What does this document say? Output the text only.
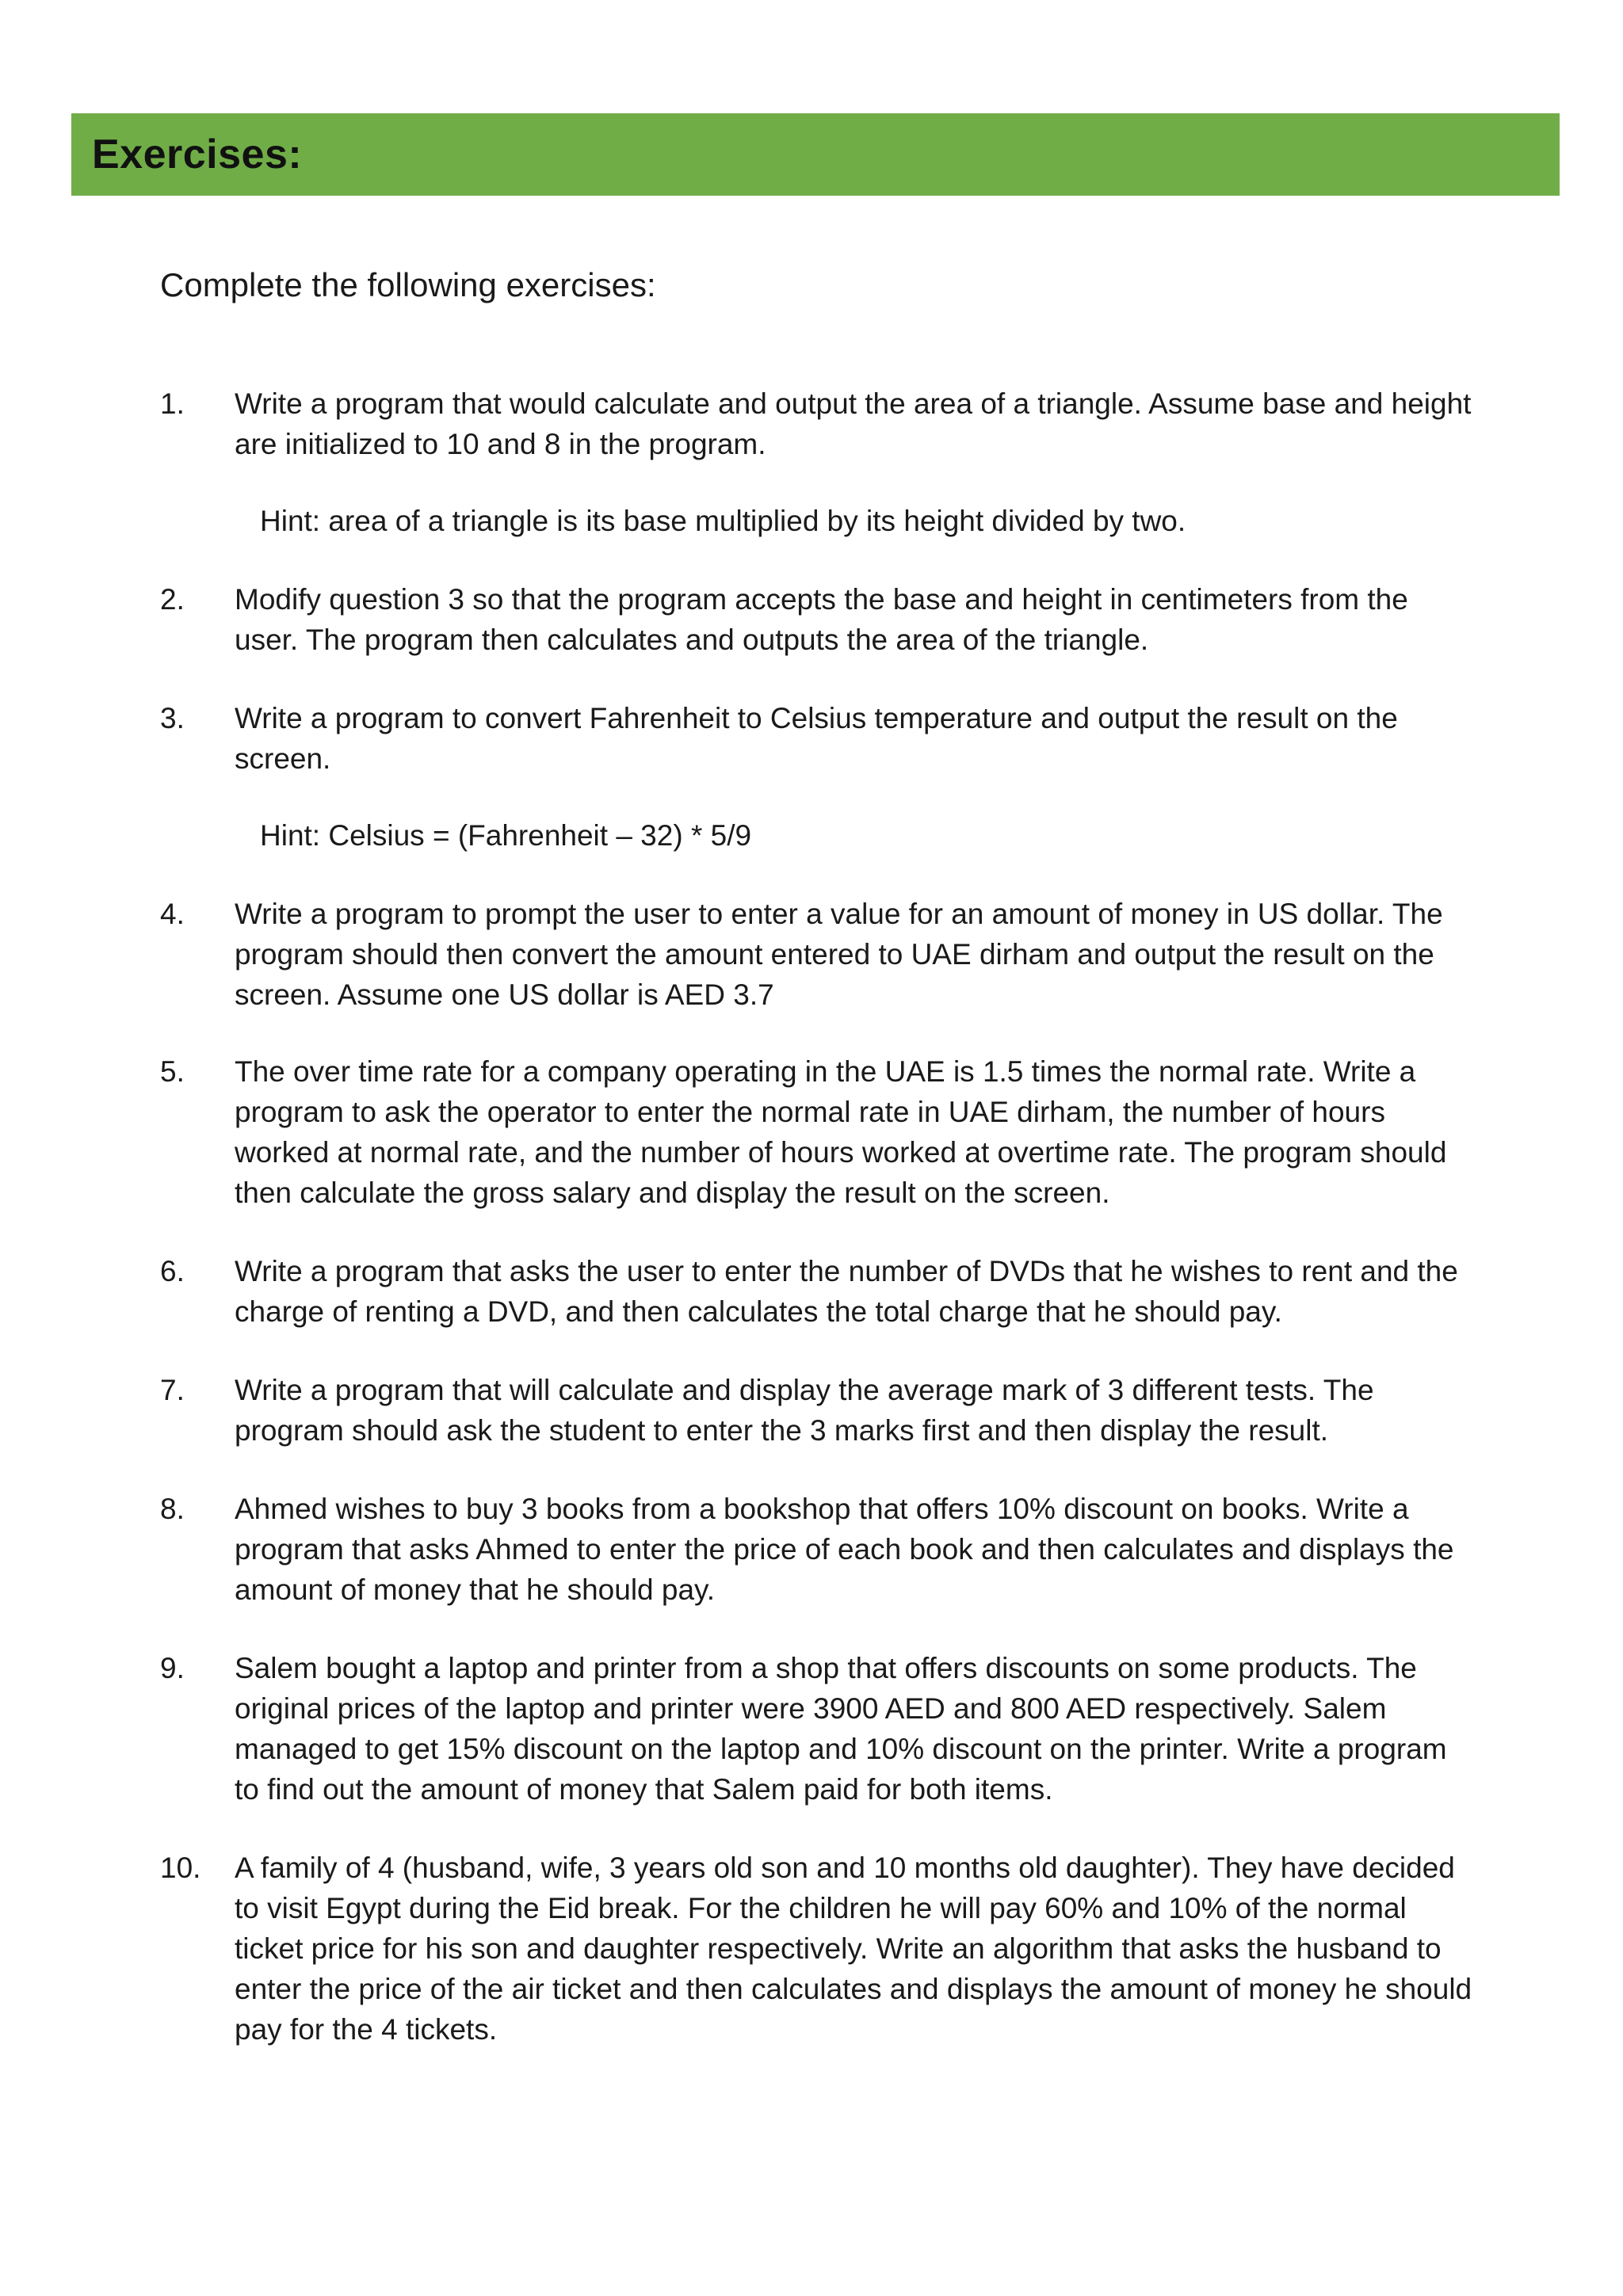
Exercises:
Complete the following exercises:
1. Write a program that would calculate and output the area of a triangle. Assume base and height are initialized to 10 and 8 in the program.
Hint: area of a triangle is its base multiplied by its height divided by two.
2. Modify question 3 so that the program accepts the base and height in centimeters from the user. The program then calculates and outputs the area of the triangle.
3. Write a program to convert Fahrenheit to Celsius temperature and output the result on the screen.
Hint: Celsius = (Fahrenheit – 32) * 5/9
4. Write a program to prompt the user to enter a value for an amount of money in US dollar. The program should then convert the amount entered to UAE dirham and output the result on the screen. Assume one US dollar is AED 3.7
5. The over time rate for a company operating in the UAE is 1.5 times the normal rate. Write a program to ask the operator to enter the normal rate in UAE dirham, the number of hours worked at normal rate, and the number of hours worked at overtime rate. The program should then calculate the gross salary and display the result on the screen.
6. Write a program that asks the user to enter the number of DVDs that he wishes to rent and the charge of renting a DVD, and then calculates the total charge that he should pay.
7. Write a program that will calculate and display the average mark of 3 different tests. The program should ask the student to enter the 3 marks first and then display the result.
8. Ahmed wishes to buy 3 books from a bookshop that offers 10% discount on books. Write a program that asks Ahmed to enter the price of each book and then calculates and displays the amount of money that he should pay.
9. Salem bought a laptop and printer from a shop that offers discounts on some products. The original prices of the laptop and printer were 3900 AED and 800 AED respectively. Salem managed to get 15% discount on the laptop and 10% discount on the printer. Write a program to find out the amount of money that Salem paid for both items.
10. A family of 4 (husband, wife, 3 years old son and 10 months old daughter). They have decided to visit Egypt during the Eid break. For the children he will pay 60% and 10% of the normal ticket price for his son and daughter respectively. Write an algorithm that asks the husband to enter the price of the air ticket and then calculates and displays the amount of money he should pay for the 4 tickets.
